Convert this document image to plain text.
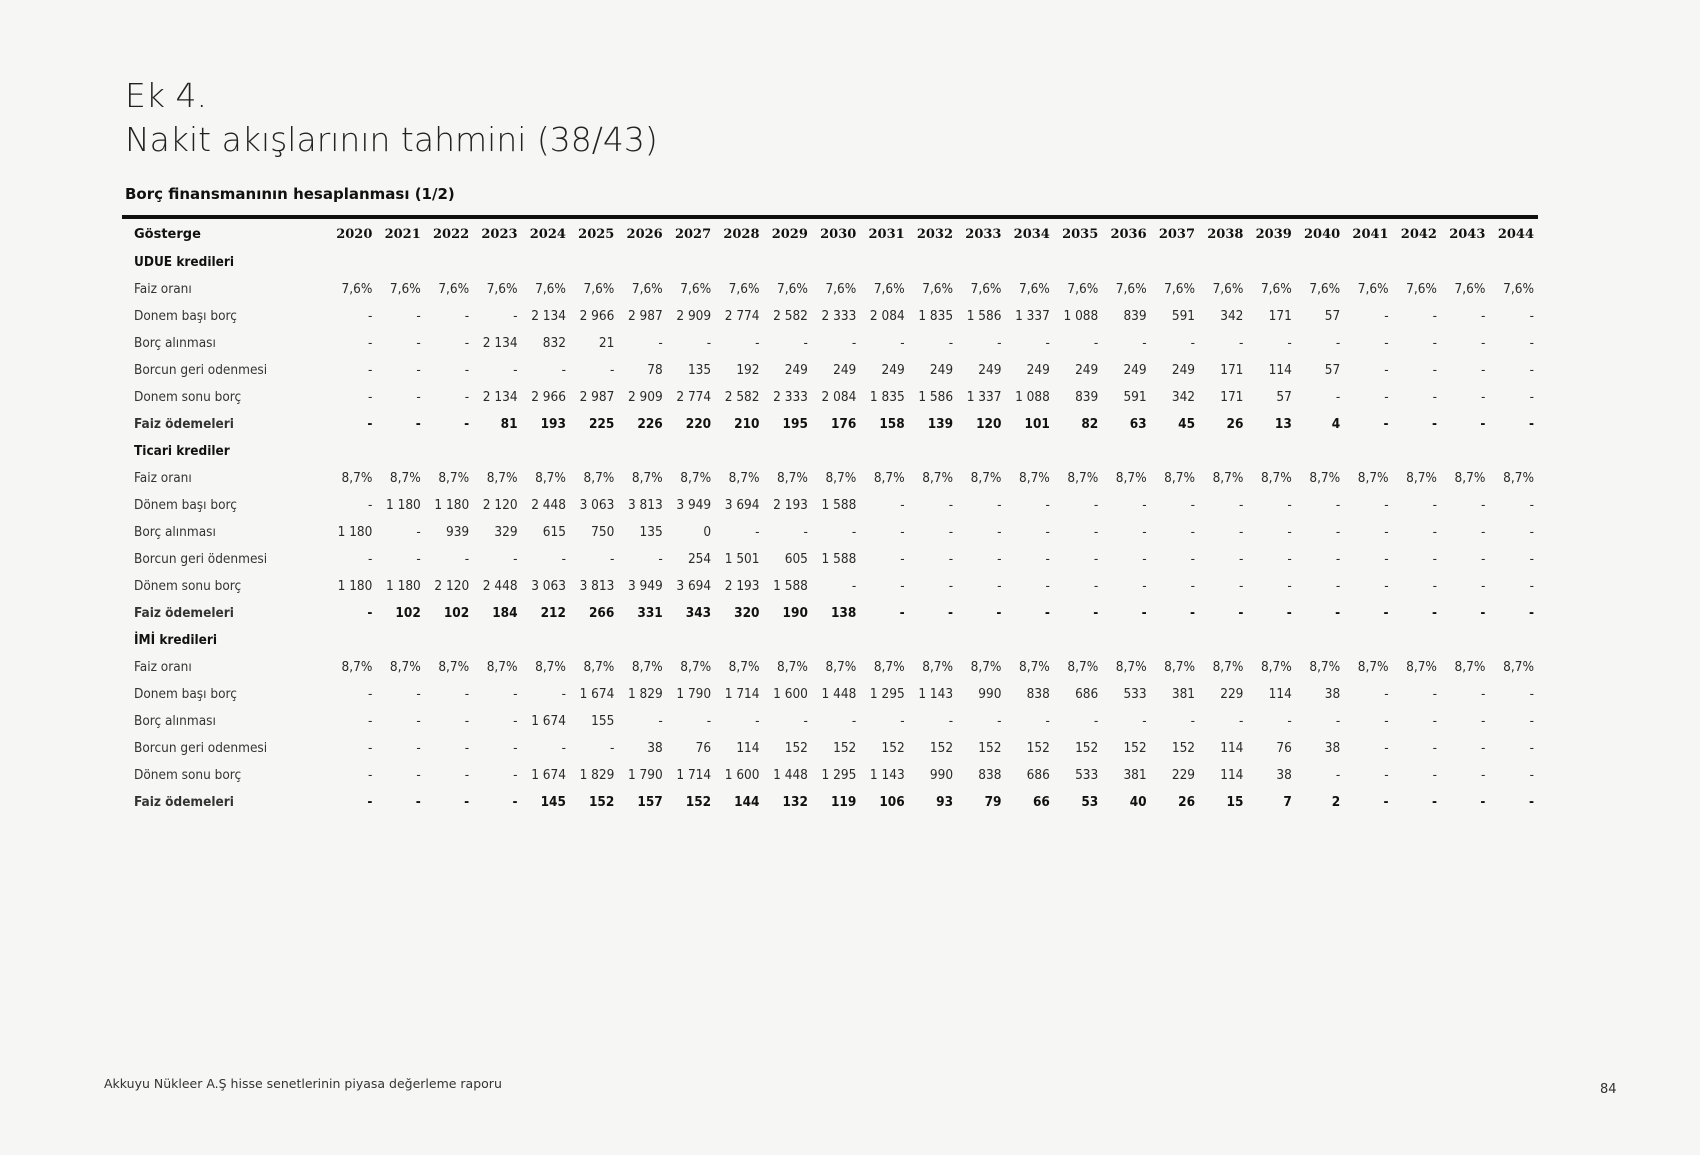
Ek 4.
Nakit akışlarının tahmini (38/43)
Borç finansmanının hesaplanması (1/2)
Gösterge	2020	2021	2022	2023	2024	2025	2026	2027	2028	2029	2030	2031	2032	2033	2034	2035	2036	2037	2038	2039	2040	2041	2042	2043	2044
UDUE kredileri																									
Faiz oranı	7,6%	7,6%	7,6%	7,6%	7,6%	7,6%	7,6%	7,6%	7,6%	7,6%	7,6%	7,6%	7,6%	7,6%	7,6%	7,6%	7,6%	7,6%	7,6%	7,6%	7,6%	7,6%	7,6%	7,6%	7,6%
Donem başı borç	-	-	-	-	2 134	2 966	2 987	2 909	2 774	2 582	2 333	2 084	1 835	1 586	1 337	1 088	839	591	342	171	57	-	-	-	-
Borç alınması	-	-	-	2 134	832	21	-	-	-	-	-	-	-	-	-	-	-	-	-	-	-	-	-	-	-
Borcun geri odenmesi	-	-	-	-	-	-	78	135	192	249	249	249	249	249	249	249	249	249	171	114	57	-	-	-	-
Donem sonu borç	-	-	-	2 134	2 966	2 987	2 909	2 774	2 582	2 333	2 084	1 835	1 586	1 337	1 088	839	591	342	171	57	-	-	-	-	-
Faiz ödemeleri	-	-	-	81	193	225	226	220	210	195	176	158	139	120	101	82	63	45	26	13	4	-	-	-	-
Ticari krediler																									
Faiz oranı	8,7%	8,7%	8,7%	8,7%	8,7%	8,7%	8,7%	8,7%	8,7%	8,7%	8,7%	8,7%	8,7%	8,7%	8,7%	8,7%	8,7%	8,7%	8,7%	8,7%	8,7%	8,7%	8,7%	8,7%	8,7%
Dönem başı borç	-	1 180	1 180	2 120	2 448	3 063	3 813	3 949	3 694	2 193	1 588	-	-	-	-	-	-	-	-	-	-	-	-	-	-
Borç alınması	1 180	-	939	329	615	750	135	0	-	-	-	-	-	-	-	-	-	-	-	-	-	-	-	-	-
Borcun geri ödenmesi	-	-	-	-	-	-	-	254	1 501	605	1 588	-	-	-	-	-	-	-	-	-	-	-	-	-	-
Dönem sonu borç	1 180	1 180	2 120	2 448	3 063	3 813	3 949	3 694	2 193	1 588	-	-	-	-	-	-	-	-	-	-	-	-	-	-	-
Faiz ödemeleri	-	102	102	184	212	266	331	343	320	190	138	-	-	-	-	-	-	-	-	-	-	-	-	-	-
İMİ kredileri																									
Faiz oranı	8,7%	8,7%	8,7%	8,7%	8,7%	8,7%	8,7%	8,7%	8,7%	8,7%	8,7%	8,7%	8,7%	8,7%	8,7%	8,7%	8,7%	8,7%	8,7%	8,7%	8,7%	8,7%	8,7%	8,7%	8,7%
Donem başı borç	-	-	-	-	-	1 674	1 829	1 790	1 714	1 600	1 448	1 295	1 143	990	838	686	533	381	229	114	38	-	-	-	-
Borç alınması	-	-	-	-	1 674	155	-	-	-	-	-	-	-	-	-	-	-	-	-	-	-	-	-	-	-
Borcun geri odenmesi	-	-	-	-	-	-	38	76	114	152	152	152	152	152	152	152	152	152	114	76	38	-	-	-	-
Dönem sonu borç	-	-	-	-	1 674	1 829	1 790	1 714	1 600	1 448	1 295	1 143	990	838	686	533	381	229	114	38	-	-	-	-	-
Faiz ödemeleri	-	-	-	-	145	152	157	152	144	132	119	106	93	79	66	53	40	26	15	7	2	-	-	-	-
Akkuyu Nükleer A.Ş hisse senetlerinin piyasa değerleme raporu	84
